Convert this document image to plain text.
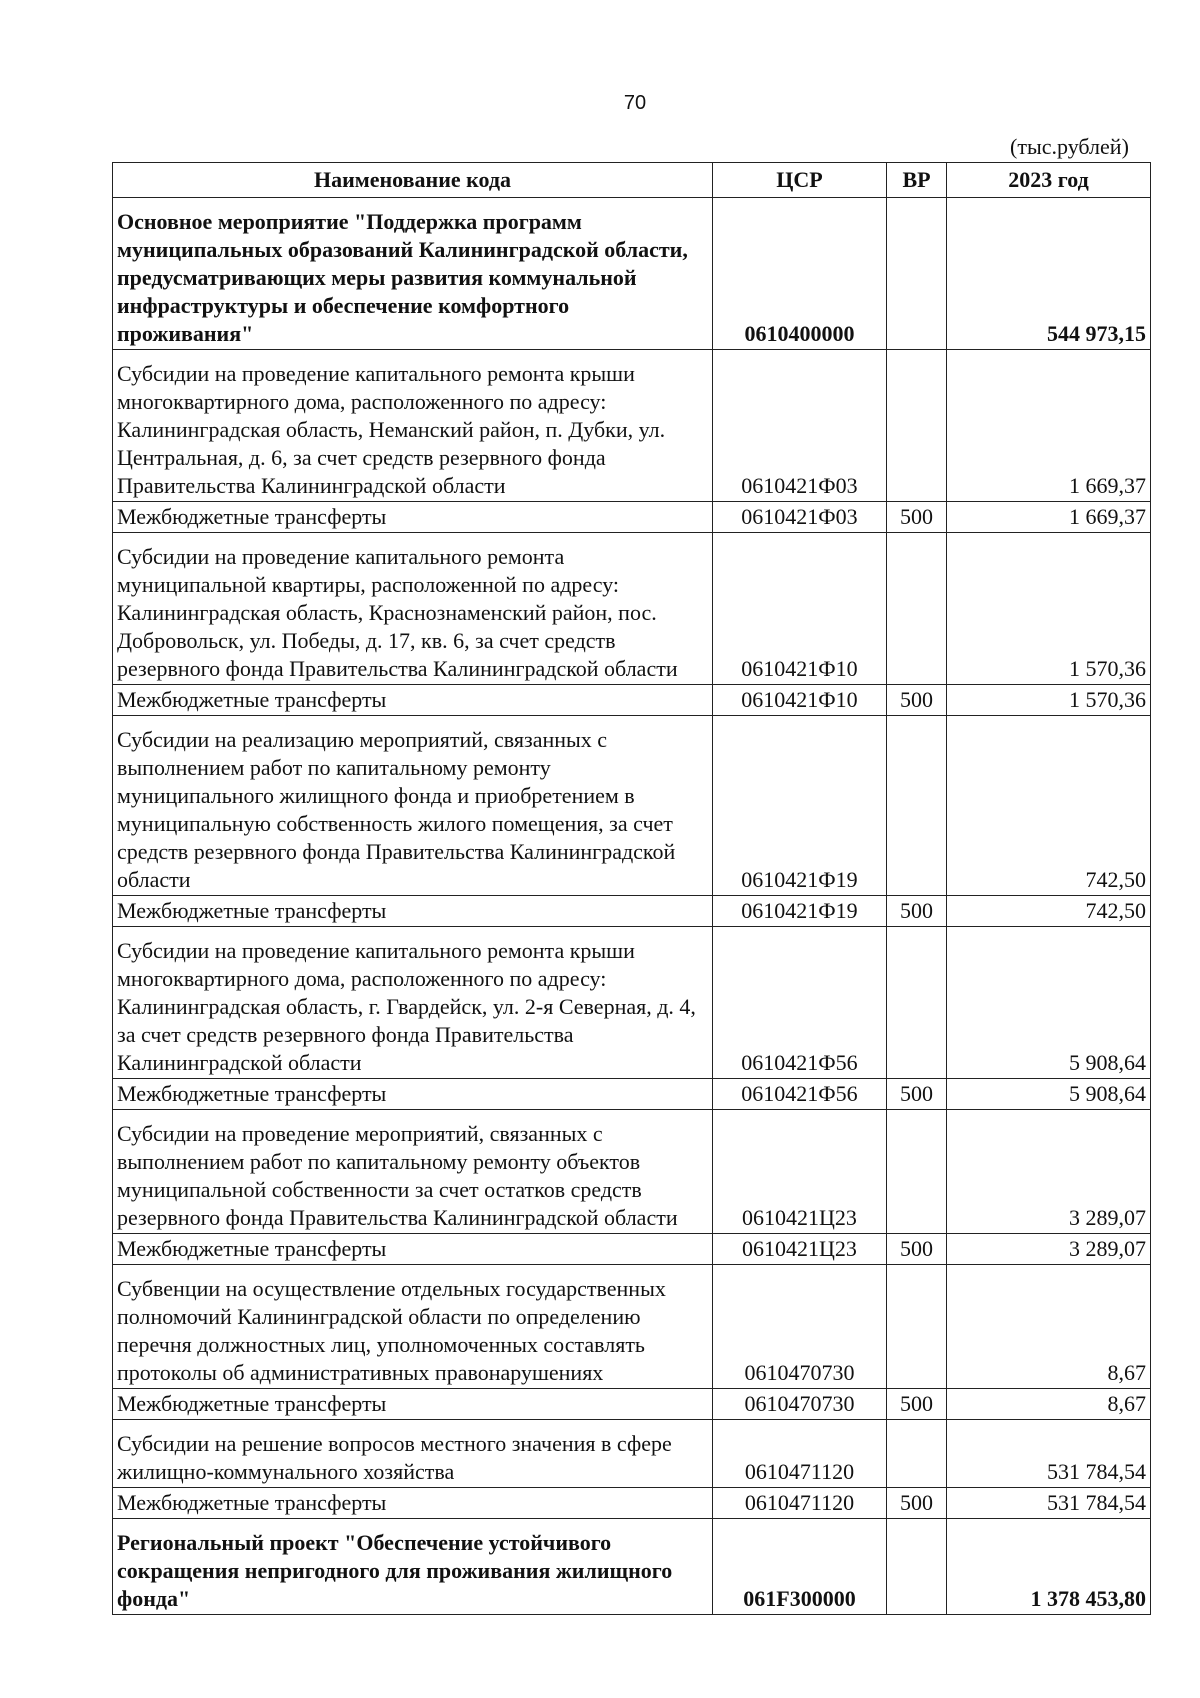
70
(тыс.рублей)
Наименование кода	ЦСР	ВР	2023 год
Основное мероприятие "Поддержка программ муниципальных образований Калининградской области, предусматривающих меры развития коммунальной инфраструктуры и обеспечение комфортного проживания"	0610400000		544 973,15
Субсидии на проведение капитального ремонта крыши многоквартирного дома, расположенного по адресу: Калининградская область, Неманский район, п. Дубки, ул. Центральная, д. 6, за счет средств резервного фонда Правительства Калининградской области	0610421Ф03		1 669,37
Межбюджетные трансферты	0610421Ф03	500	1 669,37
Субсидии на проведение капитального ремонта муниципальной квартиры, расположенной по адресу: Калининградская область, Краснознаменский район, пос. Добровольск, ул. Победы, д. 17, кв. 6, за счет средств резервного фонда Правительства Калининградской области	0610421Ф10		1 570,36
Межбюджетные трансферты	0610421Ф10	500	1 570,36
Субсидии на реализацию мероприятий, связанных с выполнением работ по капитальному ремонту муниципального жилищного фонда и приобретением в муниципальную собственность жилого помещения, за счет средств резервного фонда Правительства Калининградской области	0610421Ф19		742,50
Межбюджетные трансферты	0610421Ф19	500	742,50
Субсидии на проведение капитального ремонта крыши многоквартирного дома, расположенного по адресу: Калининградская область, г. Гвардейск, ул. 2-я Северная, д. 4, за счет средств резервного фонда Правительства Калининградской области	0610421Ф56		5 908,64
Межбюджетные трансферты	0610421Ф56	500	5 908,64
Субсидии на проведение мероприятий, связанных с выполнением работ по капитальному ремонту объектов муниципальной собственности за счет остатков средств резервного фонда Правительства Калининградской области	0610421Ц23		3 289,07
Межбюджетные трансферты	0610421Ц23	500	3 289,07
Субвенции на осуществление отдельных государственных полномочий Калининградской области по определению перечня должностных лиц, уполномоченных составлять протоколы об административных правонарушениях	0610470730		8,67
Межбюджетные трансферты	0610470730	500	8,67
Субсидии на решение вопросов местного значения в сфере жилищно-коммунального хозяйства	0610471120		531 784,54
Межбюджетные трансферты	0610471120	500	531 784,54
Региональный проект "Обеспечение устойчивого сокращения непригодного для проживания жилищного фонда"	061F300000		1 378 453,80
